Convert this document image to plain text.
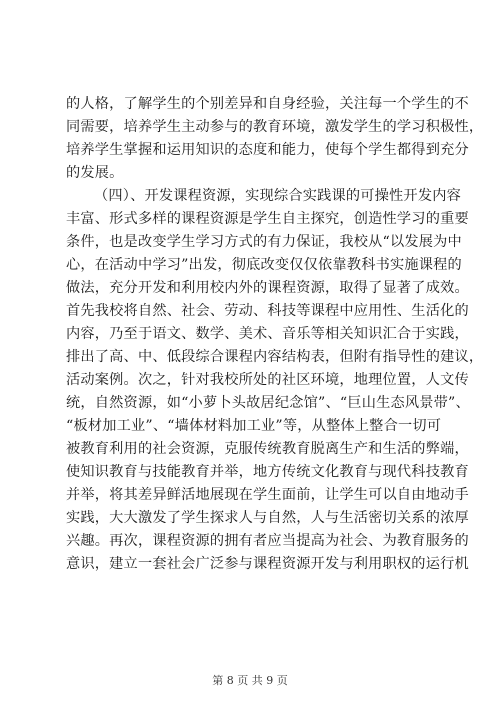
的人格，了解学生的个别差异和自身经验，关注每一个学生的不
同需要，培养学生主动参与的教育环境，激发学生的学习积极性，
培养学生掌握和运用知识的态度和能力，使每个学生都得到充分
的发展。
（四）、开发课程资源，实现综合实践课的可操性开发内容
丰富、形式多样的课程资源是学生自主探究，创造性学习的重要
条件，也是改变学生学习方式的有力保证，我校从“以发展为中
心，在活动中学习”出发，彻底改变仅仅依靠教科书实施课程的
做法，充分开发和利用校内外的课程资源，取得了显著了成效。
首先我校将自然、社会、劳动、科技等课程中应用性、生活化的
内容，乃至于语文、数学、美术、音乐等相关知识汇合于实践，
排出了高、中、低段综合课程内容结构表，但附有指导性的建议，
活动案例。次之，针对我校所处的社区环境，地理位置，人文传
统，自然资源，如“小萝卜头故居纪念馆”、“巨山生态风景带”、
“板材加工业”、“墙体材料加工业”等，从整体上整合一切可
被教育利用的社会资源，克服传统教育脱离生产和生活的弊端，
使知识教育与技能教育并举，地方传统文化教育与现代科技教育
并举，将其差异鲜活地展现在学生面前，让学生可以自由地动手
实践，大大激发了学生探求人与自然，人与生活密切关系的浓厚
兴趣。再次，课程资源的拥有者应当提高为社会、为教育服务的
意识，建立一套社会广泛参与课程资源开发与利用职权的运行机
第 8 页 共 9 页
